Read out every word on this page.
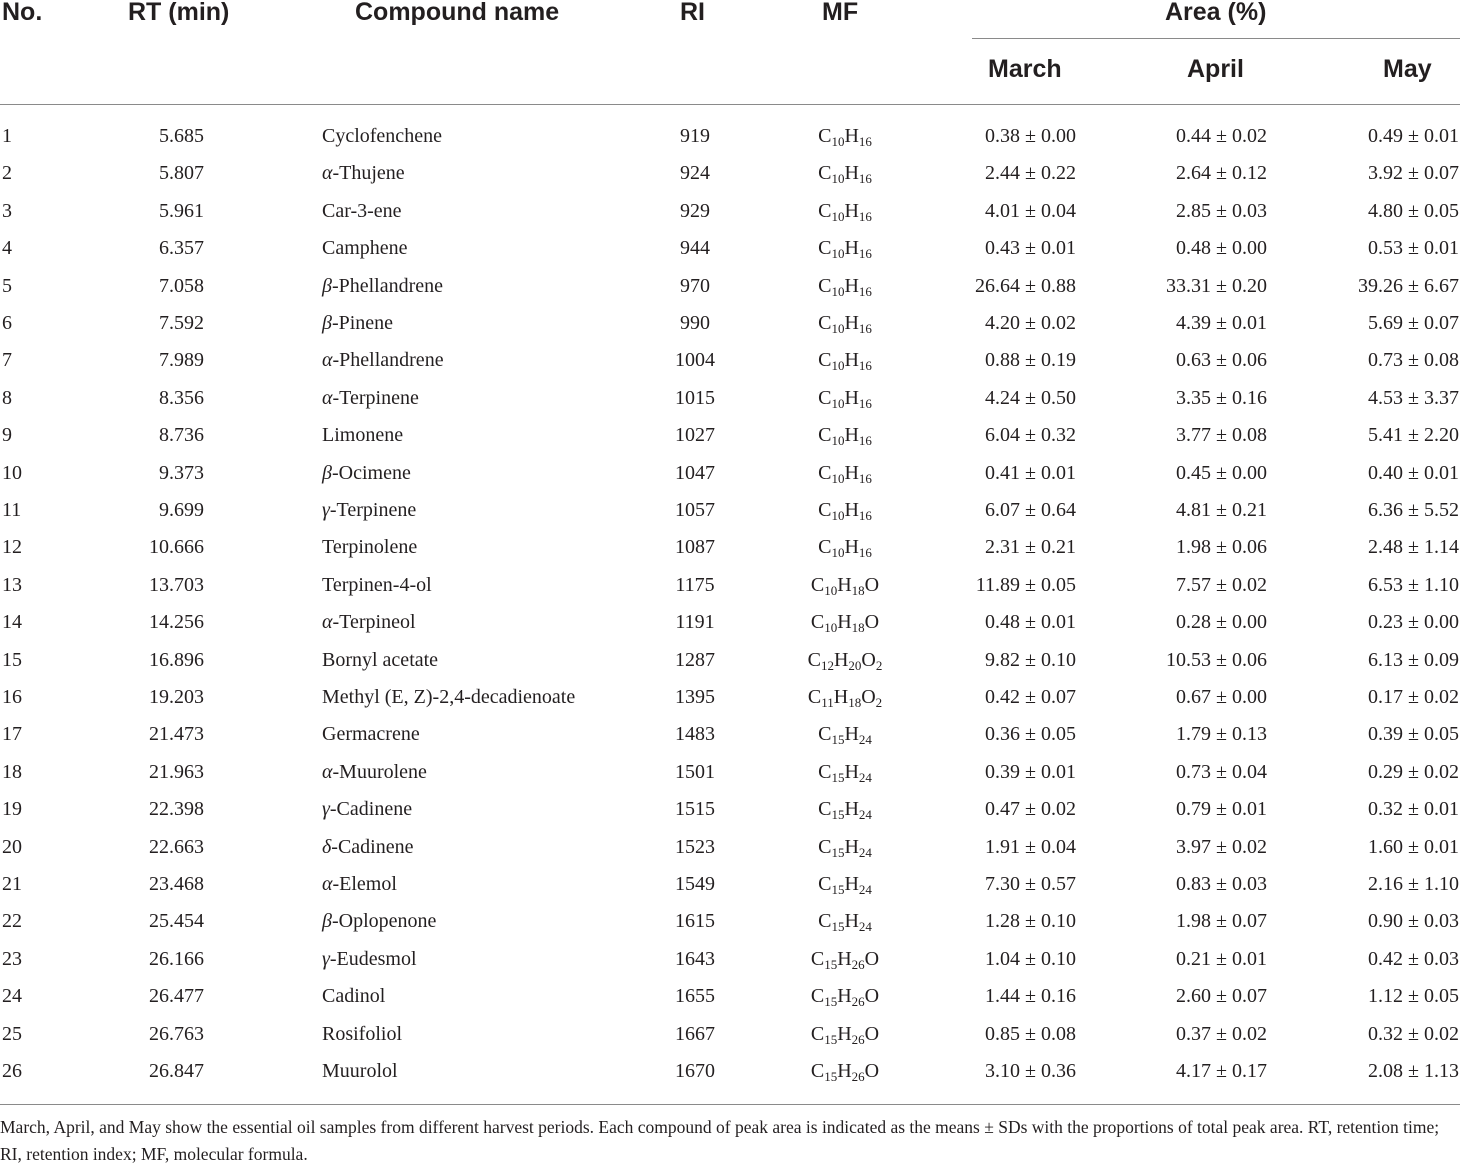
No.	RT (min)	Compound name	RI	MF	Area (%)
March	April	May
1	5.685	Cyclofenchene	919	$C_{10}H_{16}$	0.38 ± 0.00	0.44 ± 0.02	0.49 ± 0.01
2	5.807	α-Thujene	924	$C_{10}H_{16}$	2.44 ± 0.22	2.64 ± 0.12	3.92 ± 0.07
3	5.961	Car-3-ene	929	$C_{10}H_{16}$	4.01 ± 0.04	2.85 ± 0.03	4.80 ± 0.05
4	6.357	Camphene	944	$C_{10}H_{16}$	0.43 ± 0.01	0.48 ± 0.00	0.53 ± 0.01
5	7.058	β-Phellandrene	970	$C_{10}H_{16}$	26.64 ± 0.88	33.31 ± 0.20	39.26 ± 6.67
6	7.592	β-Pinene	990	$C_{10}H_{16}$	4.20 ± 0.02	4.39 ± 0.01	5.69 ± 0.07
7	7.989	α-Phellandrene	1004	$C_{10}H_{16}$	0.88 ± 0.19	0.63 ± 0.06	0.73 ± 0.08
8	8.356	α-Terpinene	1015	$C_{10}H_{16}$	4.24 ± 0.50	3.35 ± 0.16	4.53 ± 3.37
9	8.736	Limonene	1027	$C_{10}H_{16}$	6.04 ± 0.32	3.77 ± 0.08	5.41 ± 2.20
10	9.373	β-Ocimene	1047	$C_{10}H_{16}$	0.41 ± 0.01	0.45 ± 0.00	0.40 ± 0.01
11	9.699	γ-Terpinene	1057	$C_{10}H_{16}$	6.07 ± 0.64	4.81 ± 0.21	6.36 ± 5.52
12	10.666	Terpinolene	1087	$C_{10}H_{16}$	2.31 ± 0.21	1.98 ± 0.06	2.48 ± 1.14
13	13.703	Terpinen-4-ol	1175	$C_{10}H_{18}O$	11.89 ± 0.05	7.57 ± 0.02	6.53 ± 1.10
14	14.256	α-Terpineol	1191	$C_{10}H_{18}O$	0.48 ± 0.01	0.28 ± 0.00	0.23 ± 0.00
15	16.896	Bornyl acetate	1287	$C_{12}H_{20}O_2$	9.82 ± 0.10	10.53 ± 0.06	6.13 ± 0.09
16	19.203	Methyl (E, Z)-2,4-decadienoate	1395	$C_{11}H_{18}O_2$	0.42 ± 0.07	0.67 ± 0.00	0.17 ± 0.02
17	21.473	Germacrene	1483	$C_{15}H_{24}$	0.36 ± 0.05	1.79 ± 0.13	0.39 ± 0.05
18	21.963	α-Muurolene	1501	$C_{15}H_{24}$	0.39 ± 0.01	0.73 ± 0.04	0.29 ± 0.02
19	22.398	γ-Cadinene	1515	$C_{15}H_{24}$	0.47 ± 0.02	0.79 ± 0.01	0.32 ± 0.01
20	22.663	δ-Cadinene	1523	$C_{15}H_{24}$	1.91 ± 0.04	3.97 ± 0.02	1.60 ± 0.01
21	23.468	α-Elemol	1549	$C_{15}H_{24}$	7.30 ± 0.57	0.83 ± 0.03	2.16 ± 1.10
22	25.454	β-Oplopenone	1615	$C_{15}H_{24}$	1.28 ± 0.10	1.98 ± 0.07	0.90 ± 0.03
23	26.166	γ-Eudesmol	1643	$C_{15}H_{26}O$	1.04 ± 0.10	0.21 ± 0.01	0.42 ± 0.03
24	26.477	Cadinol	1655	$C_{15}H_{26}O$	1.44 ± 0.16	2.60 ± 0.07	1.12 ± 0.05
25	26.763	Rosifoliol	1667	$C_{15}H_{26}O$	0.85 ± 0.08	0.37 ± 0.02	0.32 ± 0.02
26	26.847	Muurolol	1670	$C_{15}H_{26}O$	3.10 ± 0.36	4.17 ± 0.17	2.08 ± 1.13
March, April, and May show the essential oil samples from different harvest periods. Each compound of peak area is indicated as the means ± SDs with the proportions of total peak area. RT, retention time; RI, retention index; MF, molecular formula.
